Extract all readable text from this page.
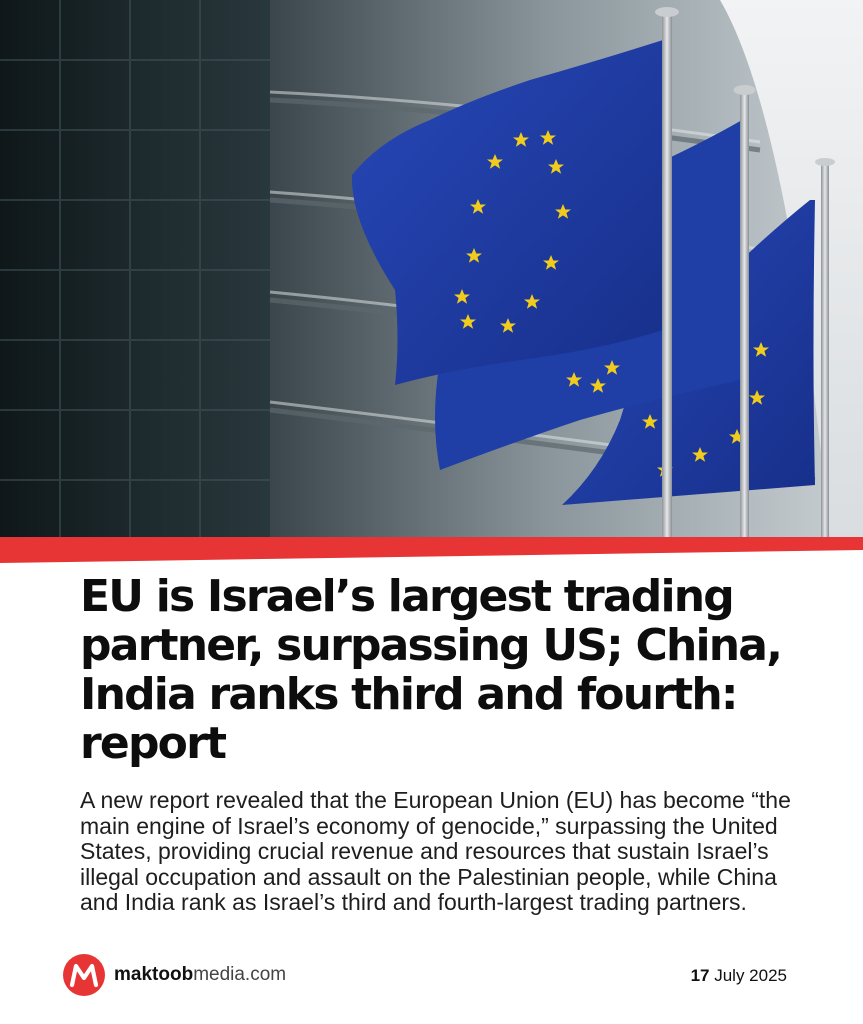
EU is Israel’s largest trading partner, surpassing US; China, India ranks third and fourth: report

A new report revealed that the European Union (EU) has become “the main engine of Israel’s economy of genocide,” surpassing the United States, providing crucial revenue and resources that sustain Israel’s illegal occupation and assault on the Palestinian people, while China and India rank as Israel’s third and fourth-largest trading partners.

maktoobmedia.com	17 July 2025
